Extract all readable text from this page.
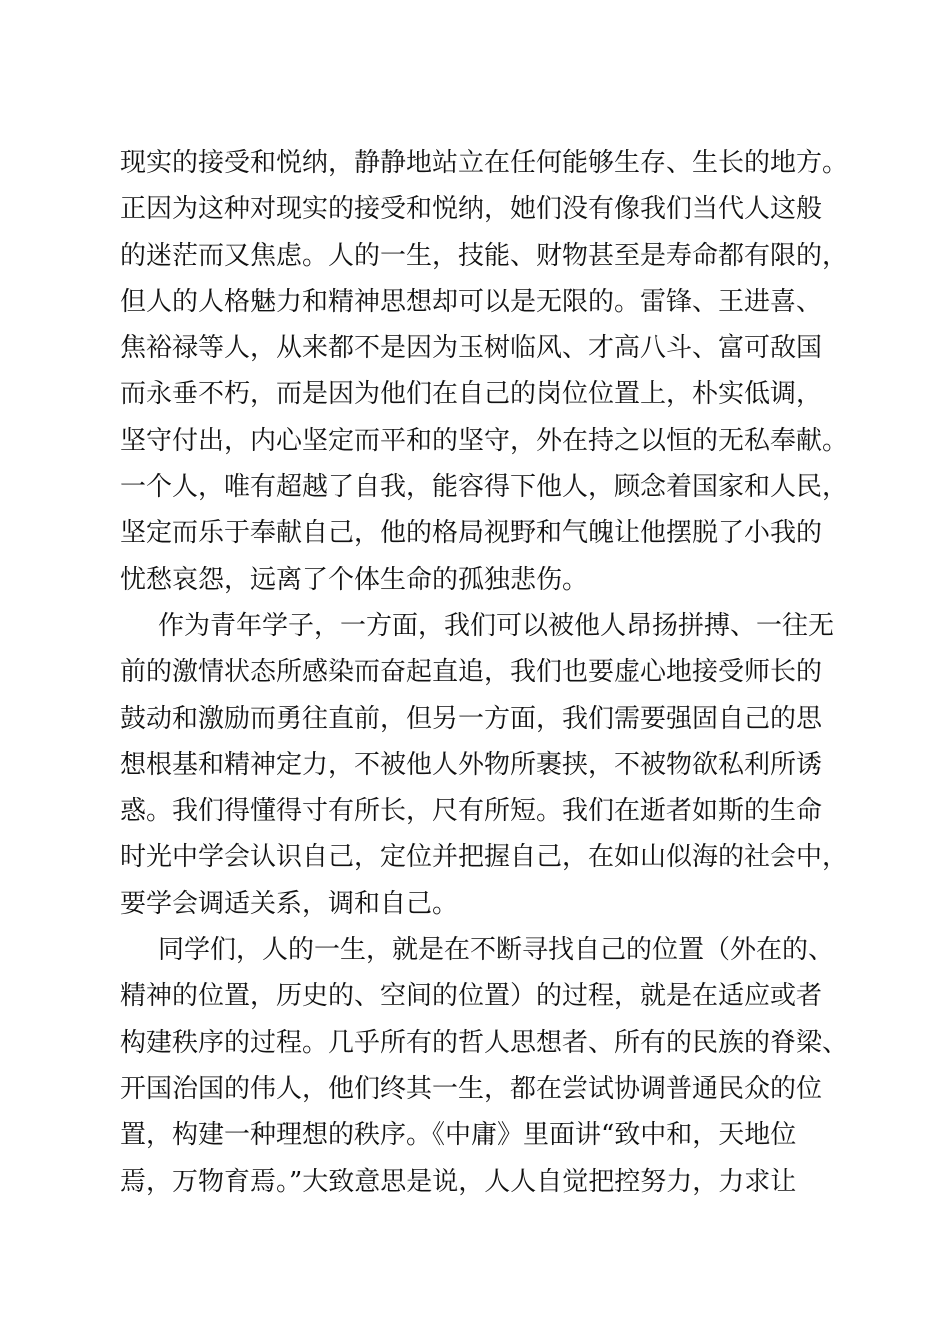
现实的接受和悦纳，静静地站立在任何能够生存、生长的地方。
正因为这种对现实的接受和悦纳，她们没有像我们当代人这般
的迷茫而又焦虑。人的一生，技能、财物甚至是寿命都有限的，
但人的人格魅力和精神思想却可以是无限的。雷锋、王进喜、
焦裕禄等人，从来都不是因为玉树临风、才高八斗、富可敌国
而永垂不朽，而是因为他们在自己的岗位位置上，朴实低调，
坚守付出，内心坚定而平和的坚守，外在持之以恒的无私奉献。
一个人，唯有超越了自我，能容得下他人，顾念着国家和人民，
坚定而乐于奉献自己，他的格局视野和气魄让他摆脱了小我的
忧愁哀怨，远离了个体生命的孤独悲伤。
作为青年学子，一方面，我们可以被他人昂扬拼搏、一往无
前的激情状态所感染而奋起直追，我们也要虚心地接受师长的
鼓动和激励而勇往直前，但另一方面，我们需要强固自己的思
想根基和精神定力，不被他人外物所裹挟，不被物欲私利所诱
惑。我们得懂得寸有所长，尺有所短。我们在逝者如斯的生命
时光中学会认识自己，定位并把握自己，在如山似海的社会中，
要学会调适关系，调和自己。
同学们，人的一生，就是在不断寻找自己的位置（外在的、
精神的位置，历史的、空间的位置）的过程，就是在适应或者
构建秩序的过程。几乎所有的哲人思想者、所有的民族的脊梁、
开国治国的伟人，他们终其一生，都在尝试协调普通民众的位
置，构建一种理想的秩序。《中庸》里面讲“致中和，天地位
焉，万物育焉。”大致意思是说，人人自觉把控努力，力求让
